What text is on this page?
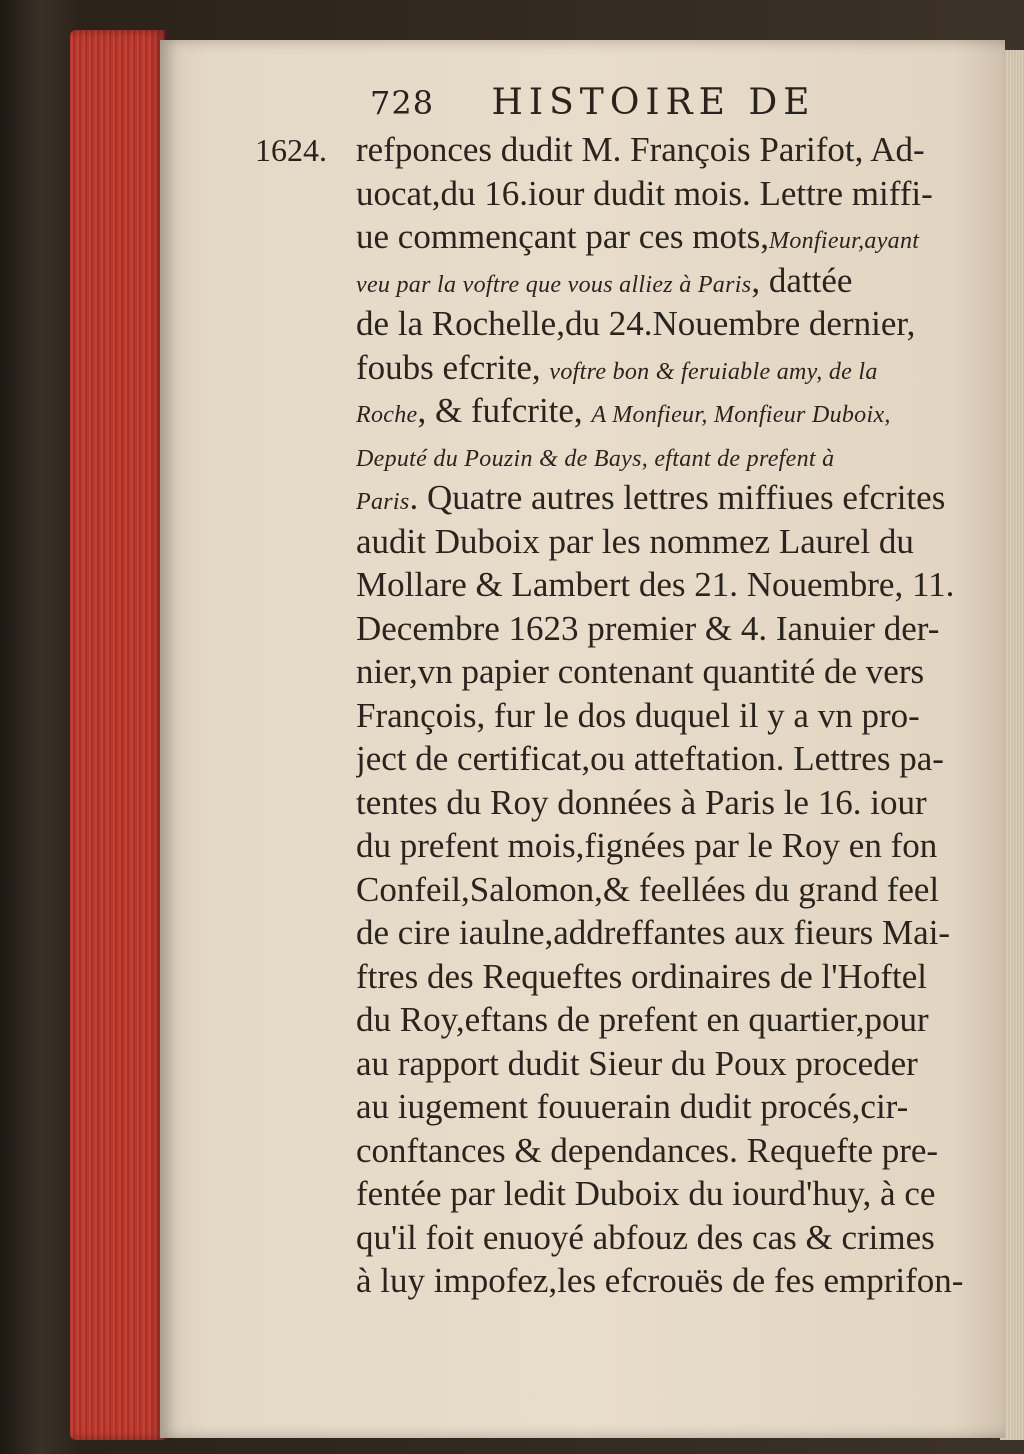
728 HISTOIRE DE
1624. refponces dudit M. François Parifot, Ad-
uocat,du 16.iour dudit mois. Lettre miffi-
ue commençant par ces mots,Monfieur,ayant
veu par la voftre que vous alliez à Paris, dattée
de la Rochelle,du 24.Nouembre dernier,
foubs efcrite, voftre bon & feruiable amy, de la
Roche, & fufcrite, A Monfieur, Monfieur Duboix,
Deputé du Pouzin & de Bays, eftant de prefent à
Paris. Quatre autres lettres miffiues efcrites
audit Duboix par les nommez Laurel du
Mollare & Lambert des 21. Nouembre, 11.
Decembre 1623 premier & 4. Ianuier der-
nier,vn papier contenant quantité de vers
François, fur le dos duquel il y a vn pro-
ject de certificat,ou atteftation. Lettres pa-
tentes du Roy données à Paris le 16. iour
du prefent mois,fignées par le Roy en fon
Confeil,Salomon,& feellées du grand feel
de cire iaulne,addreffantes aux fieurs Mai-
ftres des Requeftes ordinaires de l'Hoftel
du Roy,eftans de prefent en quartier,pour
au rapport dudit Sieur du Poux proceder
au iugement fouuerain dudit procés,cir-
conftances & dependances. Requefte pre-
fentée par ledit Duboix du iourd'huy, à ce
qu'il foit enuoyé abfouz des cas & crimes
à luy impofez,les efcrouës de fes emprifon-
